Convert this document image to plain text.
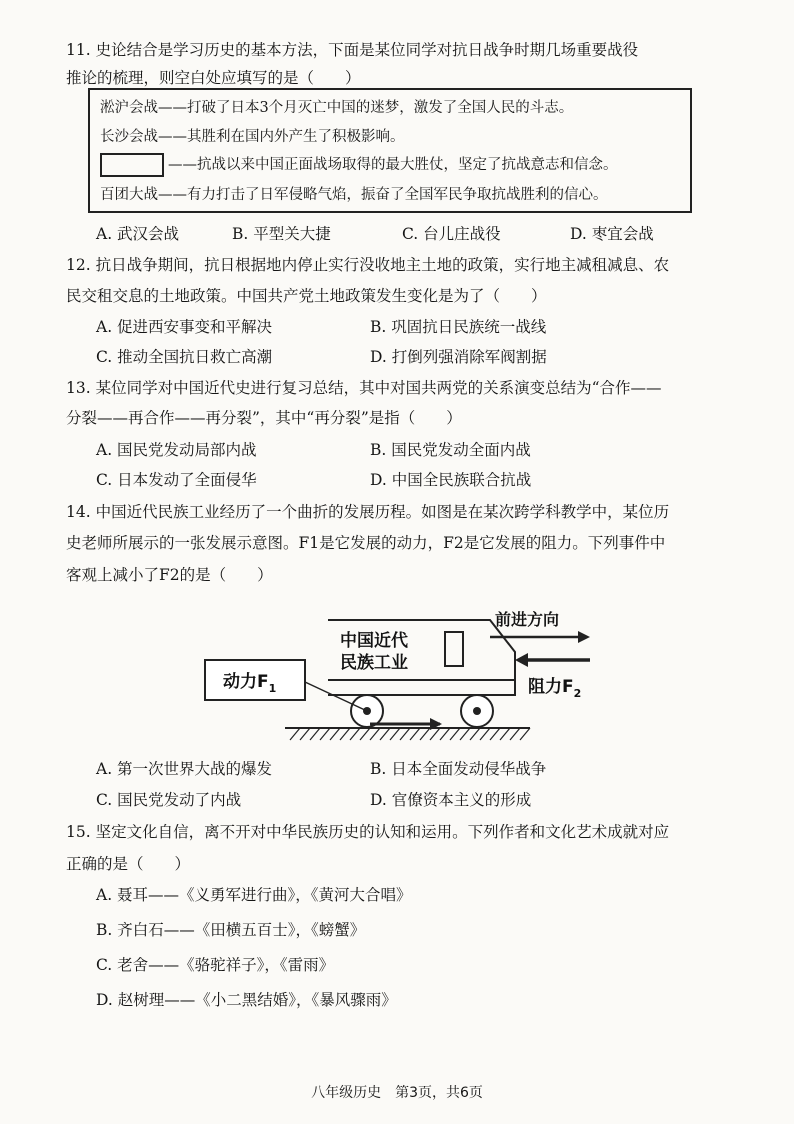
11. 史论结合是学习历史的基本方法，下面是某位同学对抗日战争时期几场重要战役
推论的梳理，则空白处应填写的是（　　）
淞沪会战——打破了日本3个月灭亡中国的迷梦，激发了全国人民的斗志。
长沙会战——其胜利在国内外产生了积极影响。
——抗战以来中国正面战场取得的最大胜仗，坚定了抗战意志和信念。
百团大战——有力打击了日军侵略气焰，振奋了全国军民争取抗战胜利的信心。
A. 武汉会战	B. 平型关大捷	C. 台儿庄战役	D. 枣宜会战
12. 抗日战争期间，抗日根据地内停止实行没收地主土地的政策，实行地主减租减息、农
民交租交息的土地政策。中国共产党土地政策发生变化是为了（　　）
A. 促进西安事变和平解决	B. 巩固抗日民族统一战线
C. 推动全国抗日救亡高潮	D. 打倒列强消除军阀割据
13. 某位同学对中国近代史进行复习总结，其中对国共两党的关系演变总结为“合作——
分裂——再合作——再分裂”，其中“再分裂”是指（　　）
A. 国民党发动局部内战	B. 国民党发动全面内战
C. 日本发动了全面侵华	D. 中国全民族联合抗战
14. 中国近代民族工业经历了一个曲折的发展历程。如图是在某次跨学科教学中，某位历
史老师所展示的一张发展示意图。F1是它发展的动力，F2是它发展的阻力。下列事件中
客观上减小了F2的是（　　）
中国近代
民族工业
动力$F_1$
前进方向
阻力$F_2$
A. 第一次世界大战的爆发	B. 日本全面发动侵华战争
C. 国民党发动了内战	D. 官僚资本主义的形成
15. 坚定文化自信，离不开对中华民族历史的认知和运用。下列作者和文化艺术成就对应
正确的是（　　）
A. 聂耳——《义勇军进行曲》，《黄河大合唱》
B. 齐白石——《田横五百士》，《螃蟹》
C. 老舍——《骆驼祥子》，《雷雨》
D. 赵树理——《小二黑结婚》，《暴风骤雨》
八年级历史　第3页，共6页
